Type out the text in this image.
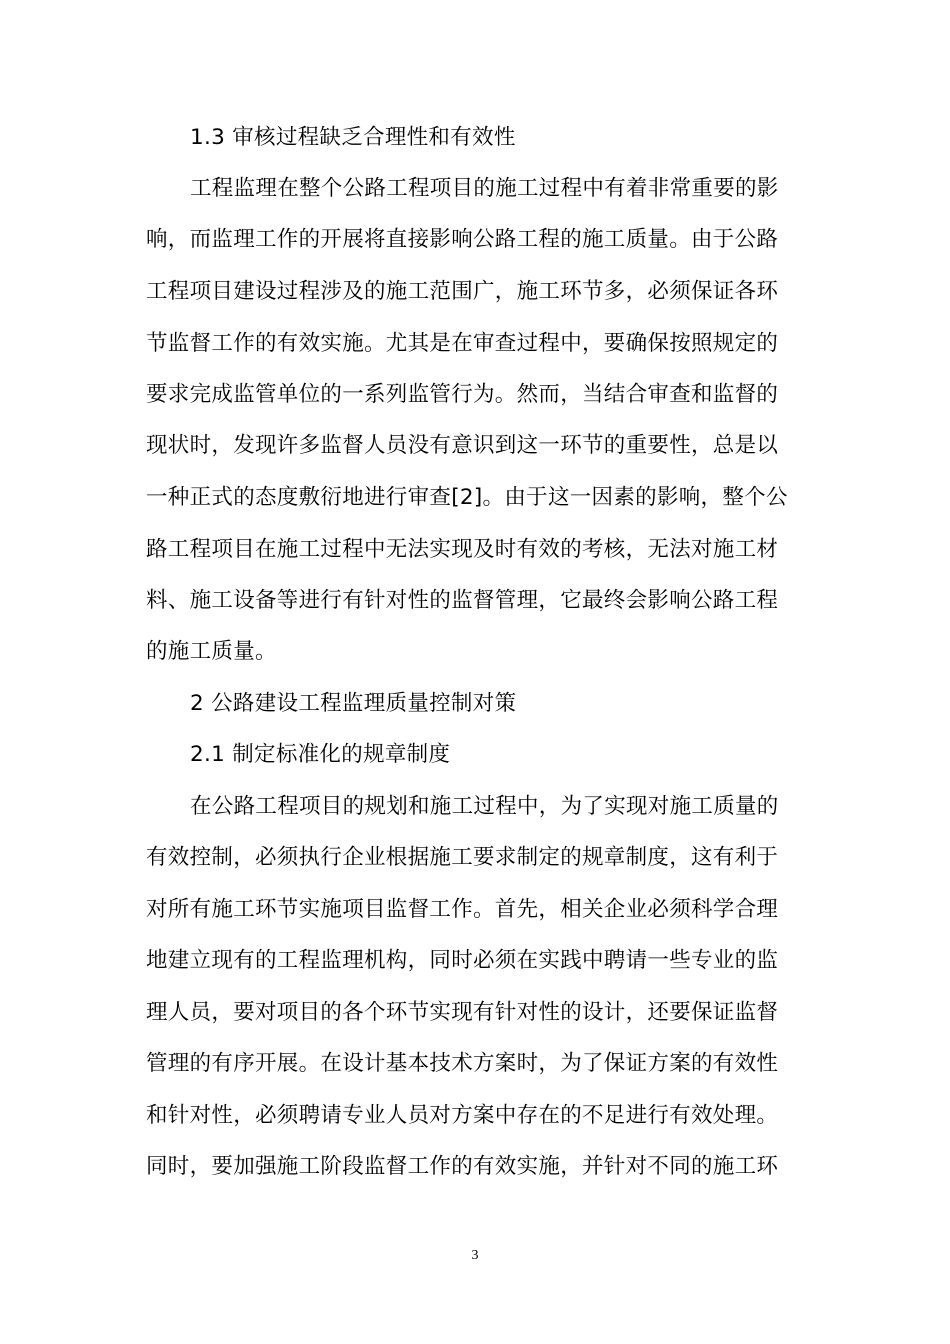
1.3 审核过程缺乏合理性和有效性
工程监理在整个公路工程项目的施工过程中有着非常重要的影
响，而监理工作的开展将直接影响公路工程的施工质量。由于公路
工程项目建设过程涉及的施工范围广，施工环节多，必须保证各环
节监督工作的有效实施。尤其是在审查过程中，要确保按照规定的
要求完成监管单位的一系列监管行为。然而，当结合审查和监督的
现状时，发现许多监督人员没有意识到这一环节的重要性，总是以
一种正式的态度敷衍地进行审查[2]。由于这一因素的影响，整个公
路工程项目在施工过程中无法实现及时有效的考核，无法对施工材
料、施工设备等进行有针对性的监督管理，它最终会影响公路工程
的施工质量。
2 公路建设工程监理质量控制对策
2.1 制定标准化的规章制度
在公路工程项目的规划和施工过程中，为了实现对施工质量的
有效控制，必须执行企业根据施工要求制定的规章制度，这有利于
对所有施工环节实施项目监督工作。首先，相关企业必须科学合理
地建立现有的工程监理机构，同时必须在实践中聘请一些专业的监
理人员，要对项目的各个环节实现有针对性的设计，还要保证监督
管理的有序开展。在设计基本技术方案时，为了保证方案的有效性
和针对性，必须聘请专业人员对方案中存在的不足进行有效处理。
同时，要加强施工阶段监督工作的有效实施，并针对不同的施工环
3
